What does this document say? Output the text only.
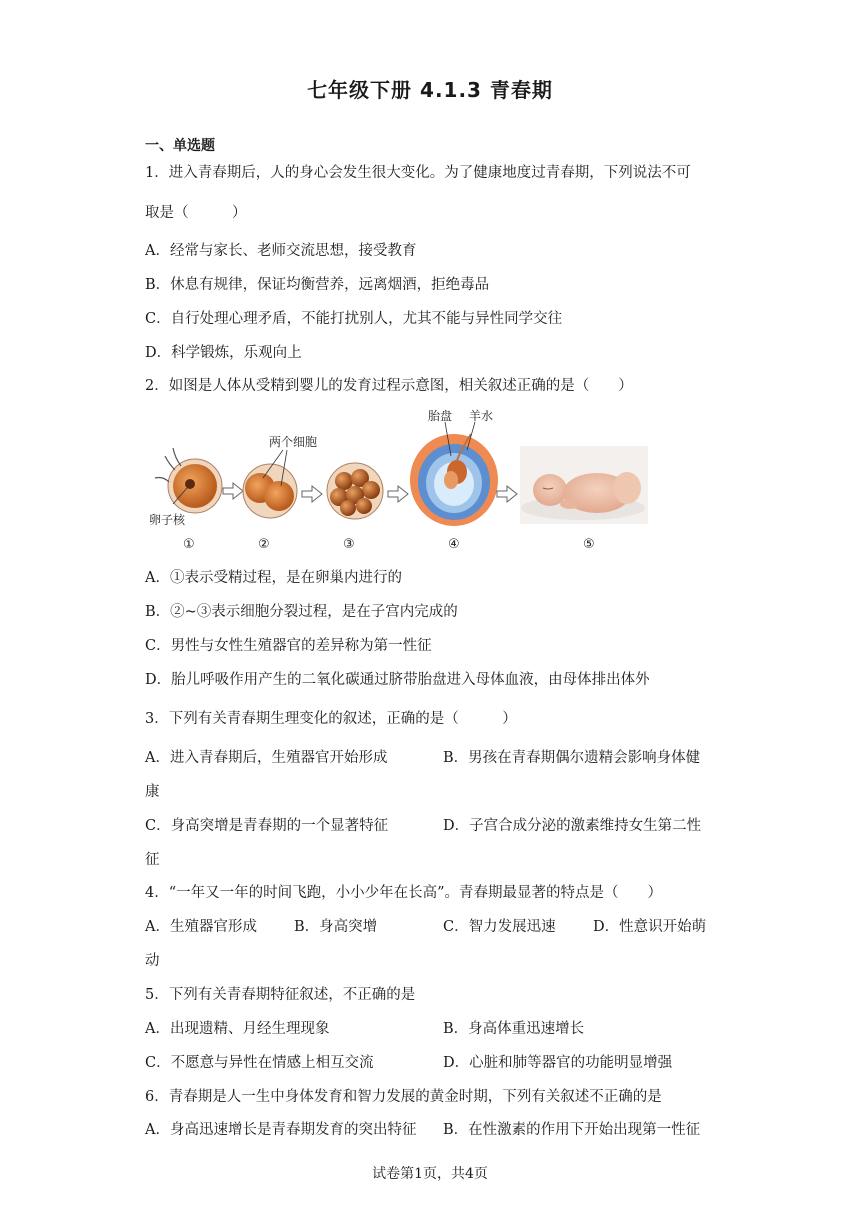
七年级下册 4.1.3 青春期
一、单选题
1．进入青春期后，人的身心会发生很大变化。为了健康地度过青春期，下列说法不可
取是（　　　）
A．经常与家长、老师交流思想，接受教育
B．休息有规律，保证均衡营养，远离烟酒，拒绝毒品
C．自行处理心理矛盾，不能打扰别人，尤其不能与异性同学交往
D．科学锻炼，乐观向上
2．如图是人体从受精到婴儿的发育过程示意图，相关叙述正确的是（　　）
卵子核
两个细胞
胎盘 羊水
①	②	③	④	⑤
A．①表示受精过程，是在卵巢内进行的
B．②~③表示细胞分裂过程，是在子宫内完成的
C．男性与女性生殖器官的差异称为第一性征
D．胎儿呼吸作用产生的二氧化碳通过脐带胎盘进入母体血液，由母体排出体外
3．下列有关青春期生理变化的叙述，正确的是（　　　）
A．进入青春期后，生殖器官开始形成	B．男孩在青春期偶尔遗精会影响身体健
康
C．身高突增是青春期的一个显著特征	D．子宫合成分泌的激素维持女生第二性
征
4．“一年又一年的时间飞跑，小小少年在长高”。青春期最显著的特点是（　　）
A．生殖器官形成	B．身高突增	C．智力发展迅速	D．性意识开始萌
动
5．下列有关青春期特征叙述，不正确的是
A．出现遗精、月经生理现象	B．身高体重迅速增长
C．不愿意与异性在情感上相互交流	D．心脏和肺等器官的功能明显增强
6．青春期是人一生中身体发育和智力发展的黄金时期，下列有关叙述不正确的是
A．身高迅速增长是青春期发育的突出特征 B．在性激素的作用下开始出现第一性征
试卷第1页，共4页
